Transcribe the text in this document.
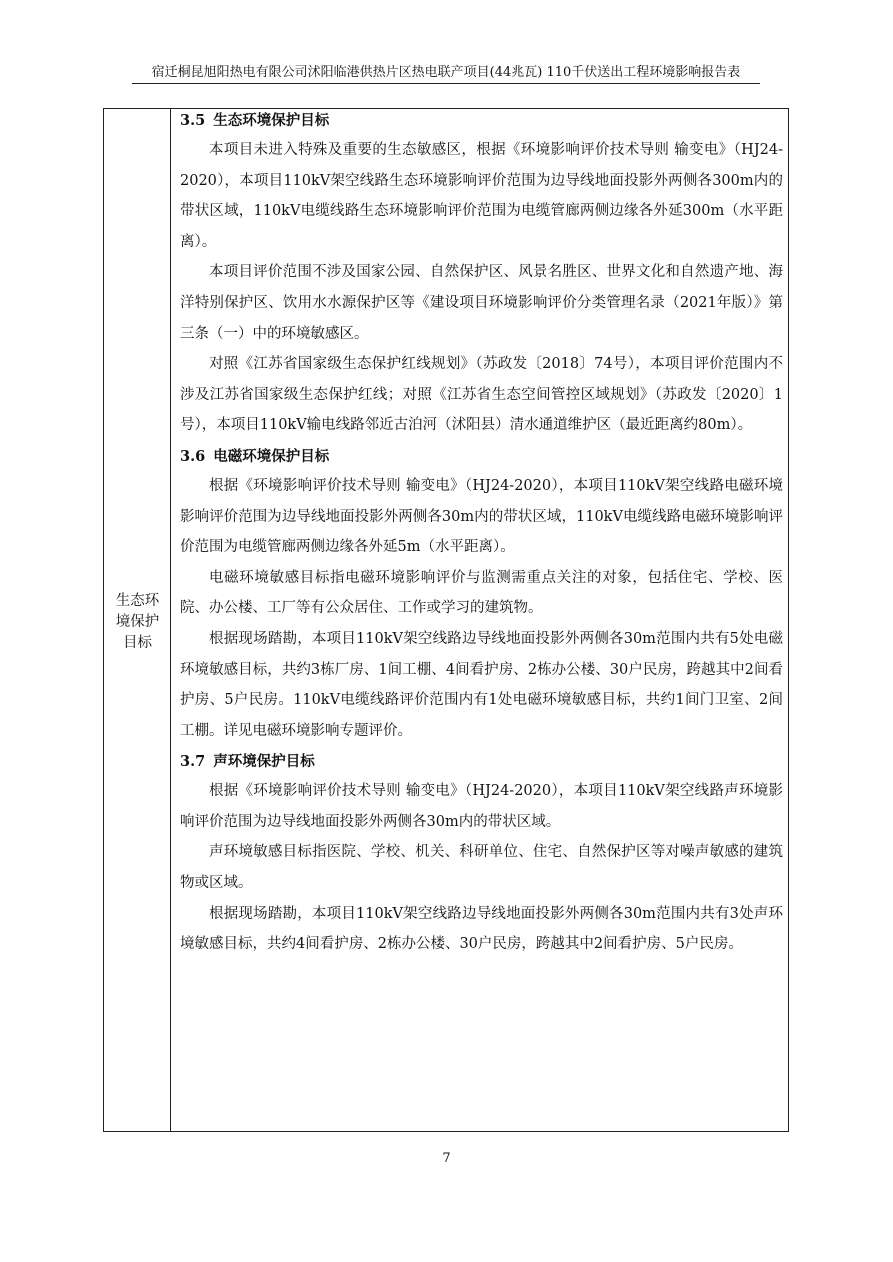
宿迁桐昆旭阳热电有限公司沭阳临港供热片区热电联产项目(44兆瓦) 110千伏送出工程环境影响报告表
生态环
境保护
目标
3.5 生态环境保护目标

本项目未进入特殊及重要的生态敏感区，根据《环境影响评价技术导则 输变电》（HJ24-2020），本项目110kV架空线路生态环境影响评价范围为边导线地面投影外两侧各300m内的带状区域，110kV电缆线路生态环境影响评价范围为电缆管廊两侧边缘各外延300m（水平距离）。

本项目评价范围不涉及国家公园、自然保护区、风景名胜区、世界文化和自然遗产地、海洋特别保护区、饮用水水源保护区等《建设项目环境影响评价分类管理名录（2021年版）》第三条（一）中的环境敏感区。

对照《江苏省国家级生态保护红线规划》（苏政发〔2018〕74号），本项目评价范围内不涉及江苏省国家级生态保护红线；对照《江苏省生态空间管控区域规划》（苏政发〔2020〕1号），本项目110kV输电线路邻近古泊河（沭阳县）清水通道维护区（最近距离约80m）。

3.6 电磁环境保护目标

根据《环境影响评价技术导则 输变电》（HJ24-2020），本项目110kV架空线路电磁环境影响评价范围为边导线地面投影外两侧各30m内的带状区域，110kV电缆线路电磁环境影响评价范围为电缆管廊两侧边缘各外延5m（水平距离）。

电磁环境敏感目标指电磁环境影响评价与监测需重点关注的对象，包括住宅、学校、医院、办公楼、工厂等有公众居住、工作或学习的建筑物。

根据现场踏勘，本项目110kV架空线路边导线地面投影外两侧各30m范围内共有5处电磁环境敏感目标，共约3栋厂房、1间工棚、4间看护房、2栋办公楼、30户民房，跨越其中2间看护房、5户民房。110kV电缆线路评价范围内有1处电磁环境敏感目标，共约1间门卫室、2间工棚。详见电磁环境影响专题评价。

3.7 声环境保护目标

根据《环境影响评价技术导则 输变电》（HJ24-2020），本项目110kV架空线路声环境影响评价范围为边导线地面投影外两侧各30m内的带状区域。

声环境敏感目标指医院、学校、机关、科研单位、住宅、自然保护区等对噪声敏感的建筑物或区域。

根据现场踏勘，本项目110kV架空线路边导线地面投影外两侧各30m范围内共有3处声环境敏感目标，共约4间看护房、2栋办公楼、30户民房，跨越其中2间看护房、5户民房。

7
